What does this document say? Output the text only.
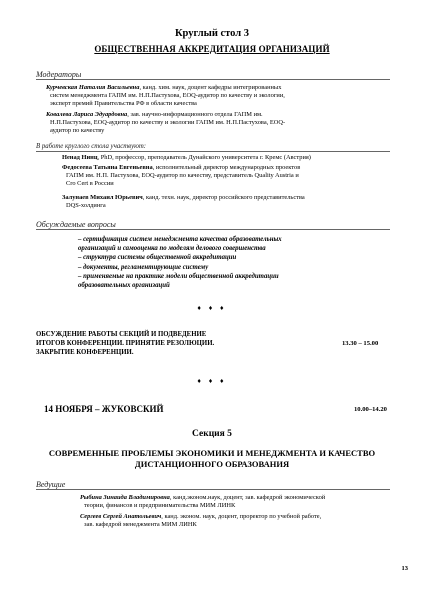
Круглый стол 3
ОБЩЕСТВЕННАЯ АККРЕДИТАЦИЯ ОРГАНИЗАЦИЙ
Модераторы
Курчевская Наталия Васильевна, канд. хим. наук, доцент кафедры интегрированных
систем менеджмента ГАПМ им. Н.П.Пастухова, EOQ-аудитор по качеству и экологии,
эксперт премий Правительства РФ в области качества
Ковалева Лариса Эдуардовна, зав. научно-информационного отдела ГАПМ им.
Н.П.Пастухова, EOQ-аудитор по качеству и экологии ГАПМ им. Н.П.Пастухова, EOQ-
аудитор по качеству
В работе круглого стола участвуют:
Ненад Нинц, PhD, профессор, преподаватель Дунайского университета г. Кремс (Австрия)
Федосеева Татьяна Евгеньевна, исполнительный директор международных проектов
ГАПМ им. Н.П. Пастухова, EOQ-аудитор по качеству, представитель Quality Austria и
Cro Cert в России
Залунаев Михаил Юрьевич, канд. техн. наук, директор российского представительства
DQS-холдинга
Обсуждаемые вопросы
– сертификация систем менеджмента качества образовательных
организаций и самооценка по моделям делового совершенства
– структура системы общественной аккредитации
– документы, регламентирующие систему
– применяемые на практике модели общественной аккредитации
образовательных организаций
♦ ♦ ♦
ОБСУЖДЕНИЕ РАБОТЫ СЕКЦИЙ И ПОДВЕДЕНИЕ
ИТОГОВ КОНФЕРЕНЦИИ. ПРИНЯТИЕ РЕЗОЛЮЦИИ.
ЗАКРЫТИЕ КОНФЕРЕНЦИИ.
13.30 – 15.00
♦ ♦ ♦
14 НОЯБРЯ – ЖУКОВСКИЙ	10.00–14.20
Секция 5
СОВРЕМЕННЫЕ ПРОБЛЕМЫ ЭКОНОМИКИ И МЕНЕДЖМЕНТА И КАЧЕСТВО
ДИСТАНЦИОННОГО ОБРАЗОВАНИЯ
Ведущие
Рыбина Зинаида Владимировна, канд.эконом.наук, доцент, зав. кафедрой экономической
теории, финансов и предпринимательства МИМ ЛИНК
Сергеев Сергей Анатольевич, канд. эконом. наук, доцент, проректор по учебной работе,
зав. кафедрой менеджмента МИМ ЛИНК
13
